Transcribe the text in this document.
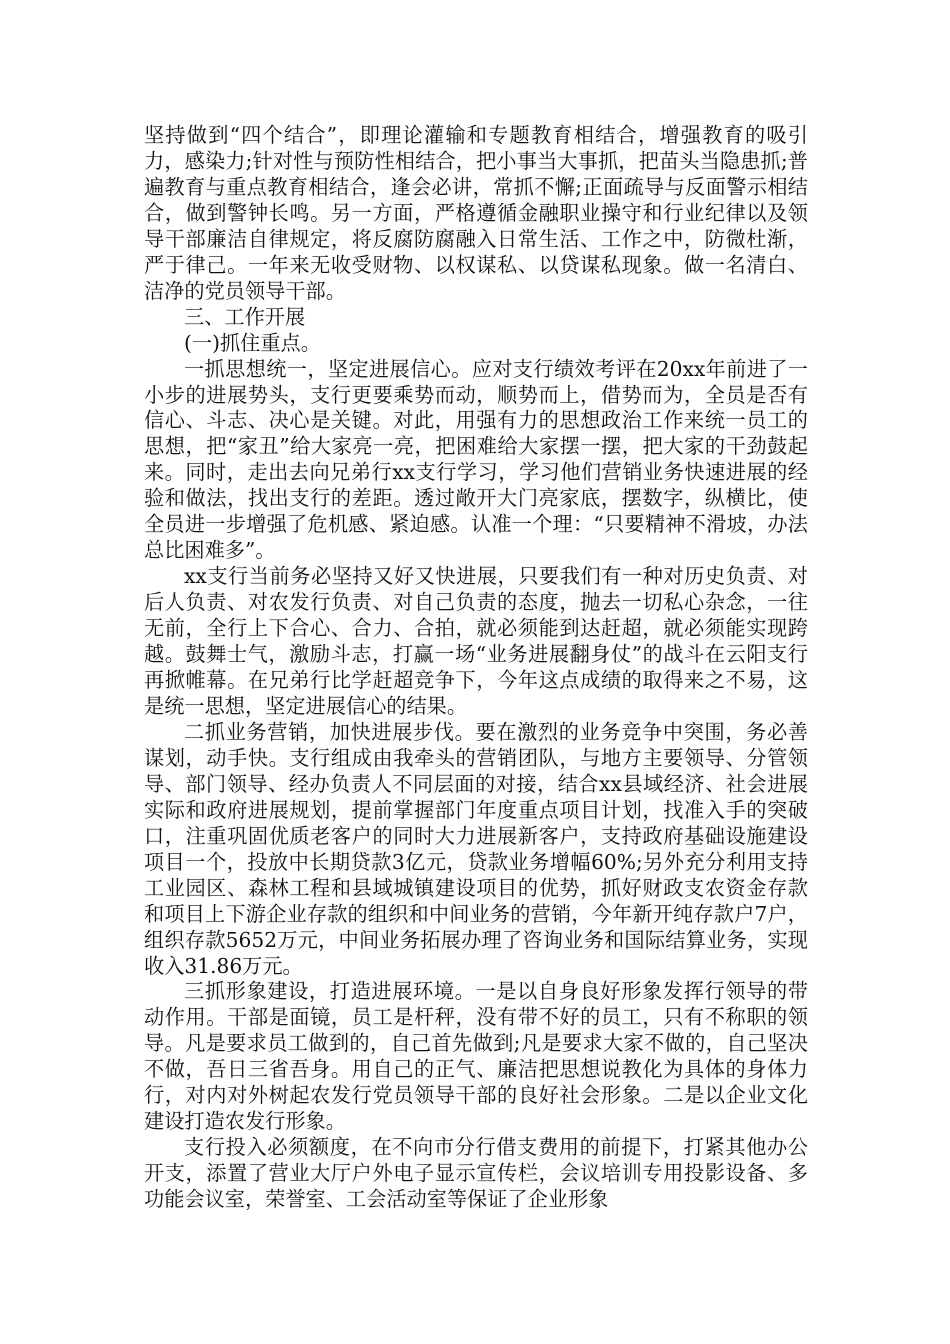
坚持做到“四个结合”，即理论灌输和专题教育相结合，增强教育的吸引力，感染力;针对性与预防性相结合，把小事当大事抓，把苗头当隐患抓;普遍教育与重点教育相结合，逢会必讲，常抓不懈;正面疏导与反面警示相结合，做到警钟长鸣。另一方面，严格遵循金融职业操守和行业纪律以及领导干部廉洁自律规定，将反腐防腐融入日常生活、工作之中，防微杜渐，严于律己。一年来无收受财物、以权谋私、以贷谋私现象。做一名清白、洁净的党员领导干部。

三、工作开展

(一)抓住重点。

一抓思想统一，坚定进展信心。应对支行绩效考评在20xx年前进了一小步的进展势头，支行更要乘势而动，顺势而上，借势而为，全员是否有信心、斗志、决心是关键。对此，用强有力的思想政治工作来统一员工的思想，把“家丑”给大家亮一亮，把困难给大家摆一摆，把大家的干劲鼓起来。同时，走出去向兄弟行xx支行学习，学习他们营销业务快速进展的经验和做法，找出支行的差距。透过敞开大门亮家底，摆数字，纵横比，使全员进一步增强了危机感、紧迫感。认准一个理：“只要精神不滑坡，办法总比困难多”。

xx支行当前务必坚持又好又快进展，只要我们有一种对历史负责、对后人负责、对农发行负责、对自己负责的态度，抛去一切私心杂念，一往无前，全行上下合心、合力、合拍，就必须能到达赶超，就必须能实现跨越。鼓舞士气，激励斗志，打赢一场“业务进展翻身仗”的战斗在云阳支行再掀帷幕。在兄弟行比学赶超竞争下，今年这点成绩的取得来之不易，这是统一思想，坚定进展信心的结果。

二抓业务营销，加快进展步伐。要在激烈的业务竞争中突围，务必善谋划，动手快。支行组成由我牵头的营销团队，与地方主要领导、分管领导、部门领导、经办负责人不同层面的对接，结合xx县域经济、社会进展实际和政府进展规划，提前掌握部门年度重点项目计划，找准入手的突破口，注重巩固优质老客户的同时大力进展新客户，支持政府基础设施建设项目一个，投放中长期贷款3亿元，贷款业务增幅60%;另外充分利用支持工业园区、森林工程和县域城镇建设项目的优势，抓好财政支农资金存款和项目上下游企业存款的组织和中间业务的营销，今年新开纯存款户7户，组织存款5652万元，中间业务拓展办理了咨询业务和国际结算业务，实现收入31.86万元。

三抓形象建设，打造进展环境。一是以自身良好形象发挥行领导的带动作用。干部是面镜，员工是杆秤，没有带不好的员工，只有不称职的领导。凡是要求员工做到的，自己首先做到;凡是要求大家不做的，自己坚决不做，吾日三省吾身。用自己的正气、廉洁把思想说教化为具体的身体力行，对内对外树起农发行党员领导干部的良好社会形象。二是以企业文化建设打造农发行形象。

支行投入必须额度，在不向市分行借支费用的前提下，打紧其他办公开支，添置了营业大厅户外电子显示宣传栏，会议培训专用投影设备、多功能会议室，荣誉室、工会活动室等保证了企业形象
